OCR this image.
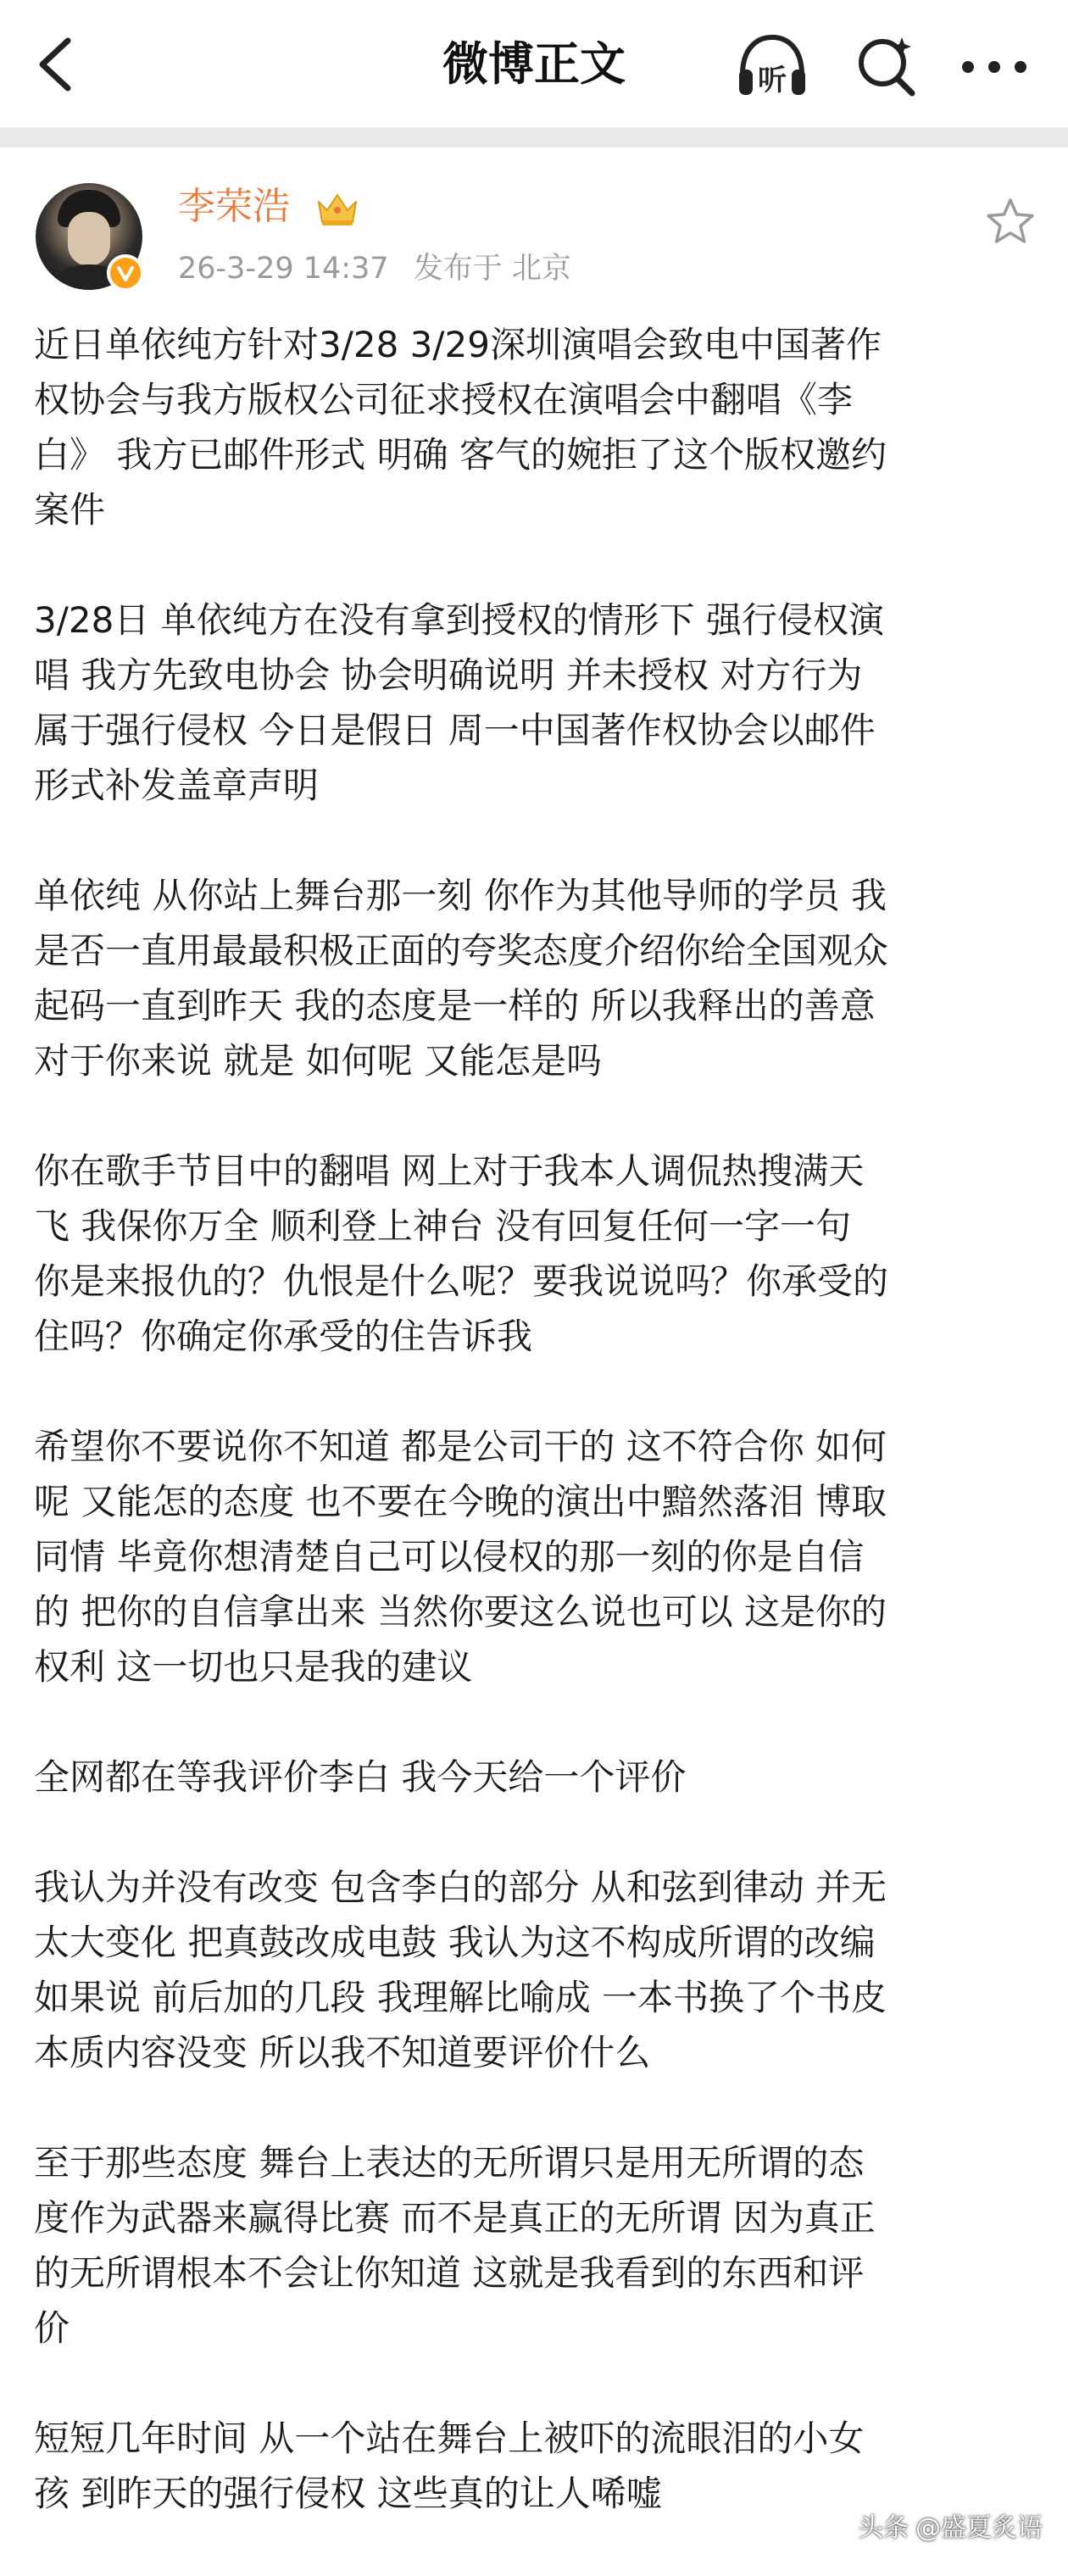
微博正文	听
李荣浩
26-3-29 14:37 发布于 北京

近日单依纯方针对3/28 3/29深圳演唱会致电中国著作
权协会与我方版权公司征求授权在演唱会中翻唱《李
白》 我方已邮件形式 明确 客气的婉拒了这个版权邀约
案件

3/28日 单依纯方在没有拿到授权的情形下 强行侵权演
唱 我方先致电协会 协会明确说明 并未授权 对方行为
属于强行侵权 今日是假日 周一中国著作权协会以邮件
形式补发盖章声明

单依纯 从你站上舞台那一刻 你作为其他导师的学员 我
是否一直用最最积极正面的夸奖态度介绍你给全国观众
起码一直到昨天 我的态度是一样的 所以我释出的善意
对于你来说 就是 如何呢 又能怎是吗

你在歌手节目中的翻唱 网上对于我本人调侃热搜满天
飞 我保你万全 顺利登上神台 没有回复任何一字一句
你是来报仇的？仇恨是什么呢？要我说说吗？你承受的
住吗？你确定你承受的住告诉我

希望你不要说你不知道 都是公司干的 这不符合你 如何
呢 又能怎的态度 也不要在今晚的演出中黯然落泪 博取
同情 毕竟你想清楚自己可以侵权的那一刻的你是自信
的 把你的自信拿出来 当然你要这么说也可以 这是你的
权利 这一切也只是我的建议

全网都在等我评价李白 我今天给一个评价

我认为并没有改变 包含李白的部分 从和弦到律动 并无
太大变化 把真鼓改成电鼓 我认为这不构成所谓的改编
如果说 前后加的几段 我理解比喻成 一本书换了个书皮
本质内容没变 所以我不知道要评价什么

至于那些态度 舞台上表达的无所谓只是用无所谓的态
度作为武器来赢得比赛 而不是真正的无所谓 因为真正
的无所谓根本不会让你知道 这就是我看到的东西和评
价

短短几年时间 从一个站在舞台上被吓的流眼泪的小女
孩 到昨天的强行侵权 这些真的让人唏嘘

头条 @盛夏炙语
